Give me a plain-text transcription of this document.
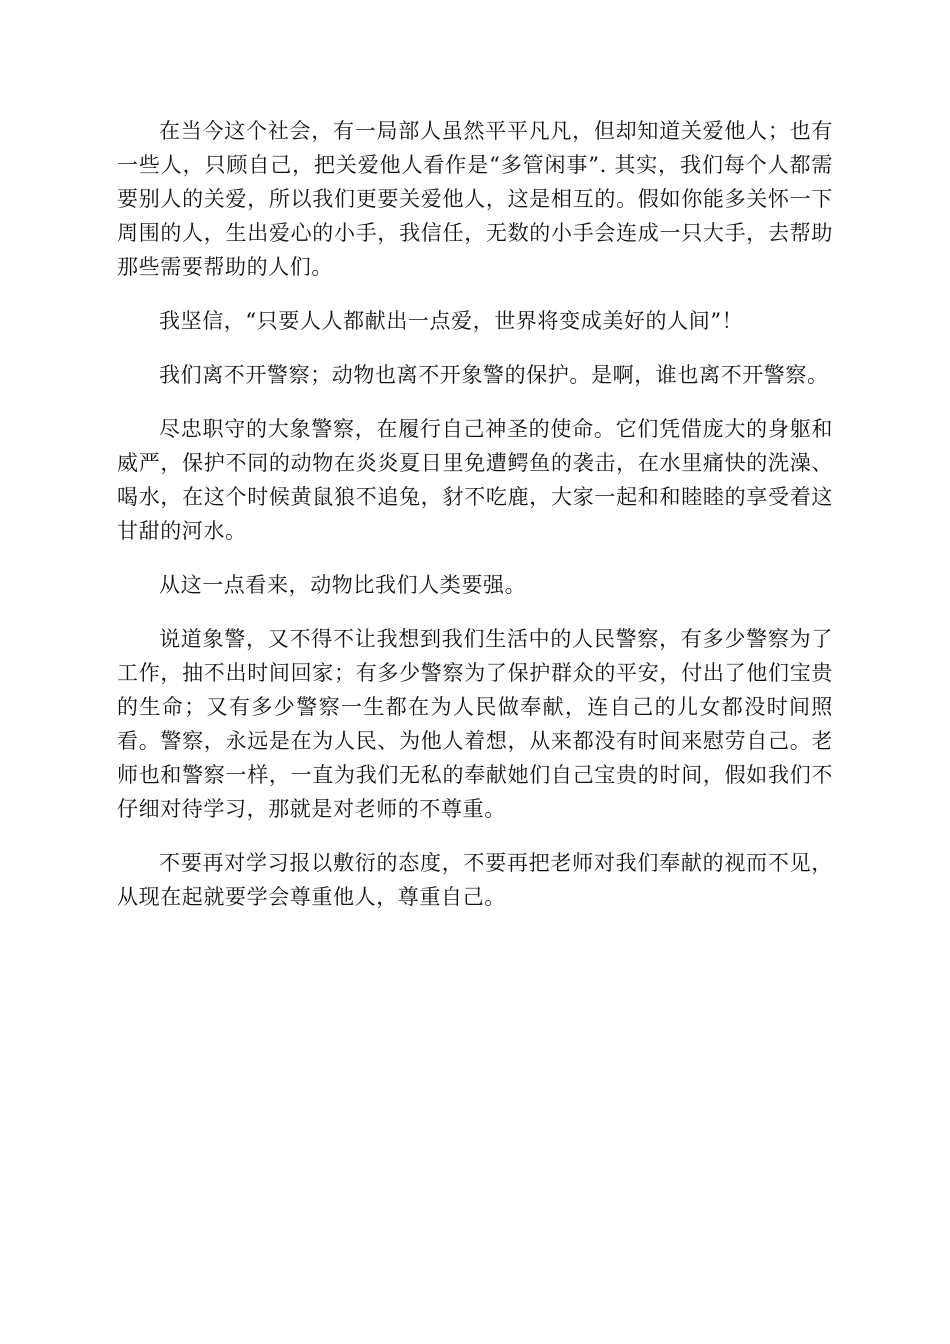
在当今这个社会，有一局部人虽然平平凡凡，但却知道关爱他人；也有一些人，只顾自己，把关爱他人看作是“多管闲事”. 其实，我们每个人都需要别人的关爱，所以我们更要关爱他人，这是相互的。假如你能多关怀一下周围的人，生出爱心的小手，我信任，无数的小手会连成一只大手，去帮助那些需要帮助的人们。

我坚信，“只要人人都献出一点爱，世界将变成美好的人间”！

我们离不开警察；动物也离不开象警的保护。是啊，谁也离不开警察。

尽忠职守的大象警察，在履行自己神圣的使命。它们凭借庞大的身躯和威严，保护不同的动物在炎炎夏日里免遭鳄鱼的袭击，在水里痛快的洗澡、喝水，在这个时候黄鼠狼不追兔，豺不吃鹿，大家一起和和睦睦的享受着这甘甜的河水。

从这一点看来，动物比我们人类要强。

说道象警，又不得不让我想到我们生活中的人民警察，有多少警察为了工作，抽不出时间回家；有多少警察为了保护群众的平安，付出了他们宝贵的生命；又有多少警察一生都在为人民做奉献，连自己的儿女都没时间照看。警察，永远是在为人民、为他人着想，从来都没有时间来慰劳自己。老师也和警察一样，一直为我们无私的奉献她们自己宝贵的时间，假如我们不仔细对待学习，那就是对老师的不尊重。

不要再对学习报以敷衍的态度，不要再把老师对我们奉献的视而不见，从现在起就要学会尊重他人，尊重自己。
